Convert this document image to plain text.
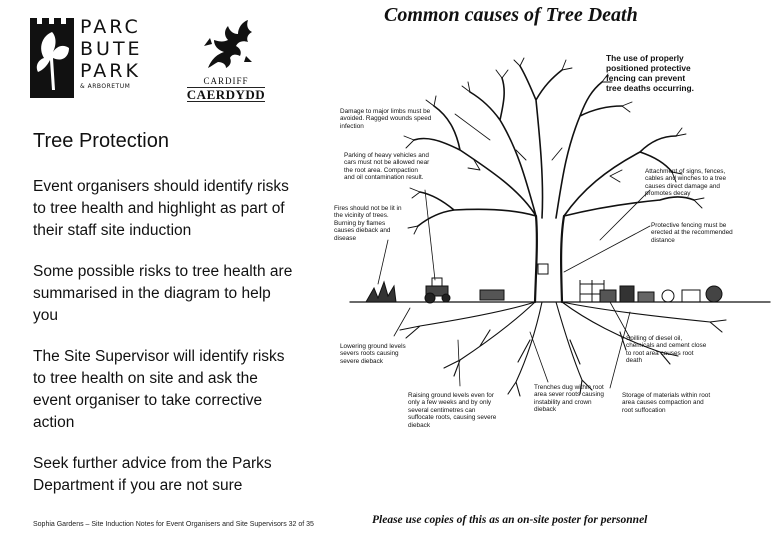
PARC
BUTE
PARK
& ARBORETUM
CARDIFF
CAERDYDD
Tree Protection

Event organisers should identify risks to tree health and highlight as part of their staff site induction

Some possible risks to tree health are summarised in the diagram to help you

The Site Supervisor will identify risks to tree health on site and ask the event organiser to take corrective action

Seek further advice from the Parks Department if you are not sure

Sophia Gardens – Site Induction Notes for Event Organisers and Site Supervisors 32 of 35
Common causes of Tree Death
The use of properly positioned protective fencing can prevent tree deaths occurring.
Damage to major limbs must be avoided. Ragged wounds speed infection
Parking of heavy vehicles and cars must not be allowed near the root area. Compaction and oil contamination result.
Fires should not be lit in the vicinity of trees. Burning by flames causes dieback and disease
Attachment of signs, fences, cables and winches to a tree causes direct damage and promotes decay
Protective fencing must be erected at the recommended distance
Lowering ground levels severs roots causing severe dieback
Spilling of diesel oil, chemicals and cement close to root area causes root death
Raising ground levels even for only a few weeks and by only several centimetres can suffocate roots, causing severe dieback
Trenches dug within root area sever roots causing instability and crown dieback
Storage of materials within root area causes compaction and root suffocation
Please use copies of this as an on-site poster for personnel
